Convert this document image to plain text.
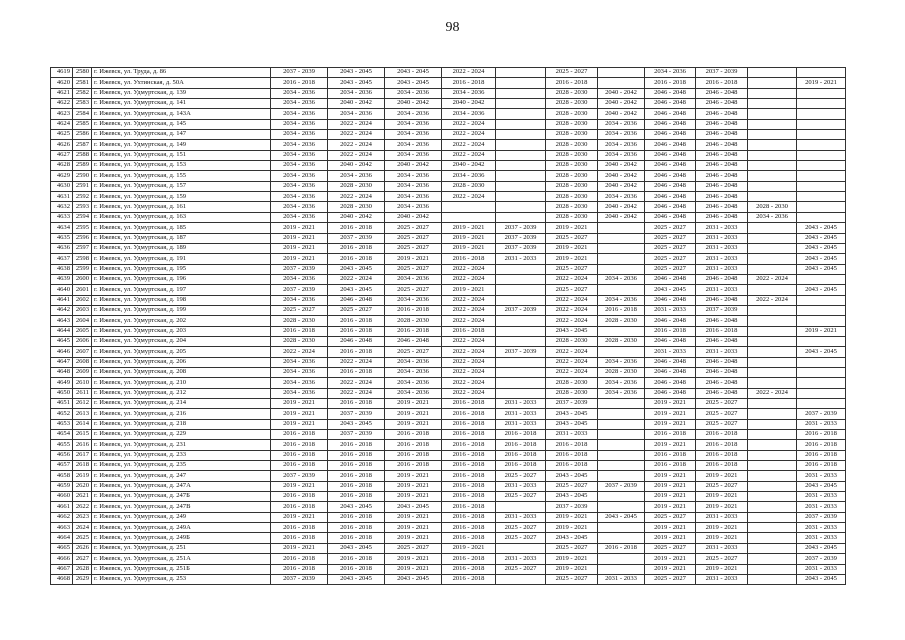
98
4619	2580	г. Ижевск, ул. Труда, д. 86	2037 - 2039	2043 - 2045	2043 - 2045	2022 - 2024		2025 - 2027		2034 - 2036	2037 - 2039		
4620	2581	г. Ижевск, ул. Ухтинская, д. 50А	2016 - 2018	2043 - 2045	2043 - 2045	2016 - 2018		2016 - 2018		2016 - 2018	2016 - 2018		2019 - 2021
4621	2582	г. Ижевск, ул. Удмуртская, д. 139	2034 - 2036	2034 - 2036	2034 - 2036	2034 - 2036		2028 - 2030	2040 - 2042	2046 - 2048	2046 - 2048		
4622	2583	г. Ижевск, ул. Удмуртская, д. 141	2034 - 2036	2040 - 2042	2040 - 2042	2040 - 2042		2028 - 2030	2040 - 2042	2046 - 2048	2046 - 2048		
4623	2584	г. Ижевск, ул. Удмуртская, д. 143А	2034 - 2036	2034 - 2036	2034 - 2036	2034 - 2036		2028 - 2030	2040 - 2042	2046 - 2048	2046 - 2048		
4624	2585	г. Ижевск, ул. Удмуртская, д. 145	2034 - 2036	2022 - 2024	2034 - 2036	2022 - 2024		2028 - 2030	2034 - 2036	2046 - 2048	2046 - 2048		
4625	2586	г. Ижевск, ул. Удмуртская, д. 147	2034 - 2036	2022 - 2024	2034 - 2036	2022 - 2024		2028 - 2030	2034 - 2036	2046 - 2048	2046 - 2048		
4626	2587	г. Ижевск, ул. Удмуртская, д. 149	2034 - 2036	2022 - 2024	2034 - 2036	2022 - 2024		2028 - 2030	2034 - 2036	2046 - 2048	2046 - 2048		
4627	2588	г. Ижевск, ул. Удмуртская, д. 151	2034 - 2036	2022 - 2024	2034 - 2036	2022 - 2024		2028 - 2030	2034 - 2036	2046 - 2048	2046 - 2048		
4628	2589	г. Ижевск, ул. Удмуртская, д. 153	2034 - 2036	2040 - 2042	2040 - 2042	2040 - 2042		2028 - 2030	2040 - 2042	2046 - 2048	2046 - 2048		
4629	2590	г. Ижевск, ул. Удмуртская, д. 155	2034 - 2036	2034 - 2036	2034 - 2036	2034 - 2036		2028 - 2030	2040 - 2042	2046 - 2048	2046 - 2048		
4630	2591	г. Ижевск, ул. Удмуртская, д. 157	2034 - 2036	2028 - 2030	2034 - 2036	2028 - 2030		2028 - 2030	2040 - 2042	2046 - 2048	2046 - 2048		
4631	2592	г. Ижевск, ул. Удмуртская, д. 159	2034 - 2036	2022 - 2024	2034 - 2036	2022 - 2024		2028 - 2030	2034 - 2036	2046 - 2048	2046 - 2048		
4632	2593	г. Ижевск, ул. Удмуртская, д. 161	2034 - 2036	2028 - 2030	2034 - 2036			2028 - 2030	2040 - 2042	2046 - 2048	2046 - 2048	2028 - 2030	
4633	2594	г. Ижевск, ул. Удмуртская, д. 163	2034 - 2036	2040 - 2042	2040 - 2042			2028 - 2030	2040 - 2042	2046 - 2048	2046 - 2048	2034 - 2036	
4634	2595	г. Ижевск, ул. Удмуртская, д. 185	2019 - 2021	2016 - 2018	2025 - 2027	2019 - 2021	2037 - 2039	2019 - 2021		2025 - 2027	2031 - 2033		2043 - 2045
4635	2596	г. Ижевск, ул. Удмуртская, д. 187	2019 - 2021	2037 - 2039	2025 - 2027	2019 - 2021	2037 - 2039	2025 - 2027		2025 - 2027	2031 - 2033		2043 - 2045
4636	2597	г. Ижевск, ул. Удмуртская, д. 189	2019 - 2021	2016 - 2018	2025 - 2027	2019 - 2021	2037 - 2039	2019 - 2021		2025 - 2027	2031 - 2033		2043 - 2045
4637	2598	г. Ижевск, ул. Удмуртская, д. 191	2019 - 2021	2016 - 2018	2019 - 2021	2016 - 2018	2031 - 2033	2019 - 2021		2025 - 2027	2031 - 2033		2043 - 2045
4638	2599	г. Ижевск, ул. Удмуртская, д. 195	2037 - 2039	2043 - 2045	2025 - 2027	2022 - 2024		2025 - 2027		2025 - 2027	2031 - 2033		2043 - 2045
4639	2600	г. Ижевск, ул. Удмуртская, д. 196	2034 - 2036	2022 - 2024	2034 - 2036	2022 - 2024		2022 - 2024	2034 - 2036	2046 - 2048	2046 - 2048	2022 - 2024	
4640	2601	г. Ижевск, ул. Удмуртская, д. 197	2037 - 2039	2043 - 2045	2025 - 2027	2019 - 2021		2025 - 2027		2043 - 2045	2031 - 2033		2043 - 2045
4641	2602	г. Ижевск, ул. Удмуртская, д. 198	2034 - 2036	2046 - 2048	2034 - 2036	2022 - 2024		2022 - 2024	2034 - 2036	2046 - 2048	2046 - 2048	2022 - 2024	
4642	2603	г. Ижевск, ул. Удмуртская, д. 199	2025 - 2027	2025 - 2027	2016 - 2018	2022 - 2024	2037 - 2039	2022 - 2024	2016 - 2018	2031 - 2033	2037 - 2039		
4643	2604	г. Ижевск, ул. Удмуртская, д. 202	2028 - 2030	2016 - 2018	2028 - 2030	2022 - 2024		2022 - 2024	2028 - 2030	2046 - 2048	2046 - 2048		
4644	2605	г. Ижевск, ул. Удмуртская, д. 203	2016 - 2018	2016 - 2018	2016 - 2018	2016 - 2018		2043 - 2045		2016 - 2018	2016 - 2018		2019 - 2021
4645	2606	г. Ижевск, ул. Удмуртская, д. 204	2028 - 2030	2046 - 2048	2046 - 2048	2022 - 2024		2028 - 2030	2028 - 2030	2046 - 2048	2046 - 2048		
4646	2607	г. Ижевск, ул. Удмуртская, д. 205	2022 - 2024	2016 - 2018	2025 - 2027	2022 - 2024	2037 - 2039	2022 - 2024		2031 - 2033	2031 - 2033		2043 - 2045
4647	2608	г. Ижевск, ул. Удмуртская, д. 206	2034 - 2036	2022 - 2024	2034 - 2036	2022 - 2024		2022 - 2024	2034 - 2036	2046 - 2048	2046 - 2048		
4648	2609	г. Ижевск, ул. Удмуртская, д. 208	2034 - 2036	2016 - 2018	2034 - 2036	2022 - 2024		2022 - 2024	2028 - 2030	2046 - 2048	2046 - 2048		
4649	2610	г. Ижевск, ул. Удмуртская, д. 210	2034 - 2036	2022 - 2024	2034 - 2036	2022 - 2024		2028 - 2030	2034 - 2036	2046 - 2048	2046 - 2048		
4650	2611	г. Ижевск, ул. Удмуртская, д. 212	2034 - 2036	2022 - 2024	2034 - 2036	2022 - 2024		2028 - 2030	2034 - 2036	2046 - 2048	2046 - 2048	2022 - 2024	
4651	2612	г. Ижевск, ул. Удмуртская, д. 214	2019 - 2021	2016 - 2018	2019 - 2021	2016 - 2018	2031 - 2033	2037 - 2039		2019 - 2021	2025 - 2027		
4652	2613	г. Ижевск, ул. Удмуртская, д. 216	2019 - 2021	2037 - 2039	2019 - 2021	2016 - 2018	2031 - 2033	2043 - 2045		2019 - 2021	2025 - 2027		2037 - 2039
4653	2614	г. Ижевск, ул. Удмуртская, д. 218	2019 - 2021	2043 - 2045	2019 - 2021	2016 - 2018	2031 - 2033	2043 - 2045		2019 - 2021	2025 - 2027		2031 - 2033
4654	2615	г. Ижевск, ул. Удмуртская, д. 229	2016 - 2018	2037 - 2039	2016 - 2018	2016 - 2018	2016 - 2018	2031 - 2033		2016 - 2018	2016 - 2018		2016 - 2018
4655	2616	г. Ижевск, ул. Удмуртская, д. 231	2016 - 2018	2016 - 2018	2016 - 2018	2016 - 2018	2016 - 2018	2016 - 2018		2019 - 2021	2016 - 2018		2016 - 2018
4656	2617	г. Ижевск, ул. Удмуртская, д. 233	2016 - 2018	2016 - 2018	2016 - 2018	2016 - 2018	2016 - 2018	2016 - 2018		2016 - 2018	2016 - 2018		2016 - 2018
4657	2618	г. Ижевск, ул. Удмуртская, д. 235	2016 - 2018	2016 - 2018	2016 - 2018	2016 - 2018	2016 - 2018	2016 - 2018		2016 - 2018	2016 - 2018		2016 - 2018
4658	2619	г. Ижевск, ул. Удмуртская, д. 247	2037 - 2039	2016 - 2018	2019 - 2021	2016 - 2018	2025 - 2027	2043 - 2045		2019 - 2021	2019 - 2021		2031 - 2033
4659	2620	г. Ижевск, ул. Удмуртская, д. 247А	2019 - 2021	2016 - 2018	2019 - 2021	2016 - 2018	2031 - 2033	2025 - 2027	2037 - 2039	2019 - 2021	2025 - 2027		2043 - 2045
4660	2621	г. Ижевск, ул. Удмуртская, д. 247Б	2016 - 2018	2016 - 2018	2019 - 2021	2016 - 2018	2025 - 2027	2043 - 2045		2019 - 2021	2019 - 2021		2031 - 2033
4661	2622	г. Ижевск, ул. Удмуртская, д. 247В	2016 - 2018	2043 - 2045	2043 - 2045	2016 - 2018		2037 - 2039		2019 - 2021	2019 - 2021		2031 - 2033
4662	2623	г. Ижевск, ул. Удмуртская, д. 249	2019 - 2021	2016 - 2018	2019 - 2021	2016 - 2018	2031 - 2033	2019 - 2021	2043 - 2045	2025 - 2027	2031 - 2033		2037 - 2039
4663	2624	г. Ижевск, ул. Удмуртская, д. 249А	2016 - 2018	2016 - 2018	2019 - 2021	2016 - 2018	2025 - 2027	2019 - 2021		2019 - 2021	2019 - 2021		2031 - 2033
4664	2625	г. Ижевск, ул. Удмуртская, д. 249Б	2016 - 2018	2016 - 2018	2019 - 2021	2016 - 2018	2025 - 2027	2043 - 2045		2019 - 2021	2019 - 2021		2031 - 2033
4665	2626	г. Ижевск, ул. Удмуртская, д. 251	2019 - 2021	2043 - 2045	2025 - 2027	2019 - 2021		2025 - 2027	2016 - 2018	2025 - 2027	2031 - 2033		2043 - 2045
4666	2627	г. Ижевск, ул. Удмуртская, д. 251А	2016 - 2018	2016 - 2018	2019 - 2021	2016 - 2018	2031 - 2033	2019 - 2021		2019 - 2021	2025 - 2027		2037 - 2039
4667	2628	г. Ижевск, ул. Удмуртская, д. 251Б	2016 - 2018	2016 - 2018	2019 - 2021	2016 - 2018	2025 - 2027	2019 - 2021		2019 - 2021	2019 - 2021		2031 - 2033
4668	2629	г. Ижевск, ул. Удмуртская, д. 253	2037 - 2039	2043 - 2045	2043 - 2045	2016 - 2018		2025 - 2027	2031 - 2033	2025 - 2027	2031 - 2033		2043 - 2045
